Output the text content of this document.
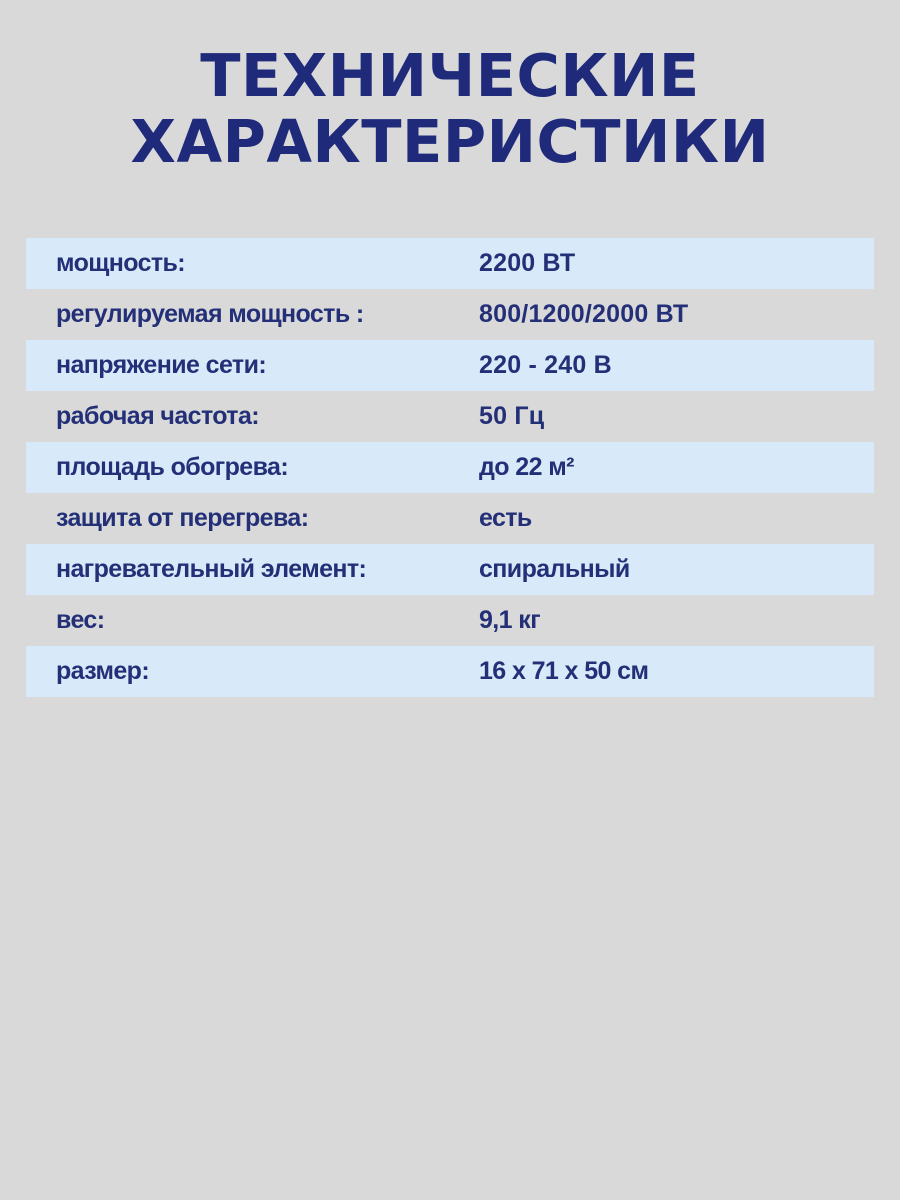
ТЕХНИЧЕСКИЕ
ХАРАКТЕРИСТИКИ
мощность:	2200 ВТ
регулируемая мощность :	800/1200/2000 ВТ
напряжение сети:	220 - 240 В
рабочая частота:	50 Гц
площадь обогрева:	до 22 м²
защита от перегрева:	есть
нагревательный элемент:	спиральный
вес:	9,1 кг
размер:	16 х 71 х 50 см
